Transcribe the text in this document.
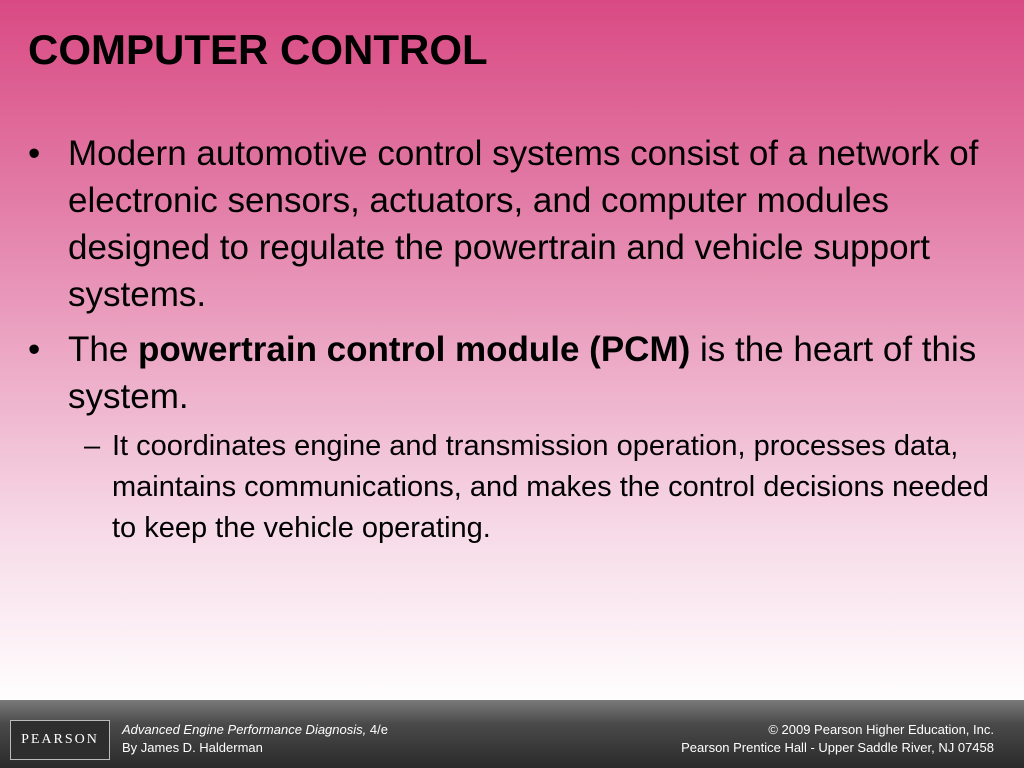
COMPUTER CONTROL
• Modern automotive control systems consist of a network of electronic sensors, actuators, and computer modules designed to regulate the powertrain and vehicle support systems.
• The powertrain control module (PCM) is the heart of this system.
– It coordinates engine and transmission operation, processes data, maintains communications, and makes the control decisions needed to keep the vehicle operating.
PEARSON
Advanced Engine Performance Diagnosis, 4/e
By James D. Halderman
© 2009 Pearson Higher Education, Inc.
Pearson Prentice Hall - Upper Saddle River, NJ 07458
